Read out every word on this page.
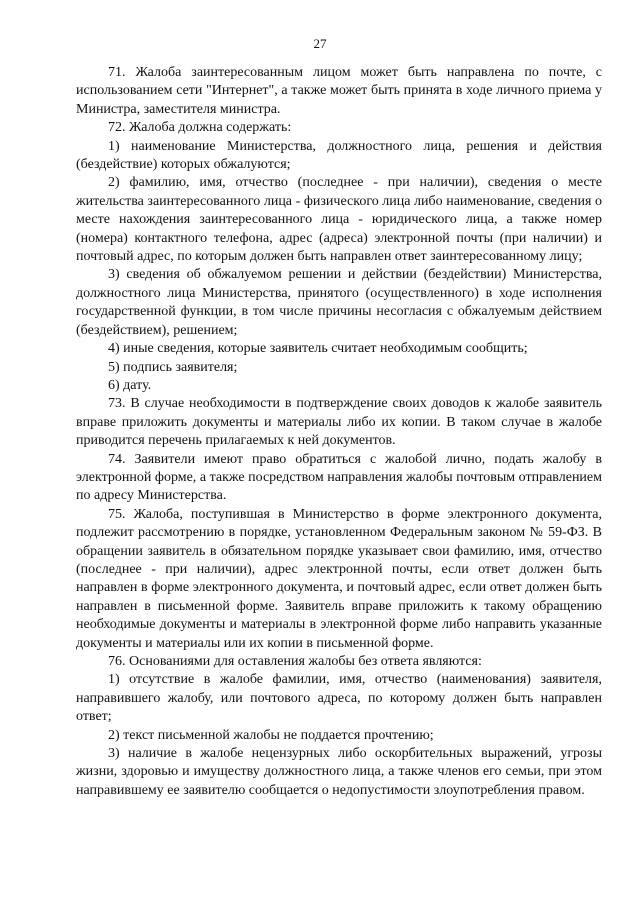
27

71. Жалоба заинтересованным лицом может быть направлена по почте, с использованием сети "Интернет", а также может быть принята в ходе личного приема у Министра, заместителя министра.

72. Жалоба должна содержать:

1) наименование Министерства, должностного лица, решения и действия (бездействие) которых обжалуются;

2) фамилию, имя, отчество (последнее - при наличии), сведения о месте жительства заинтересованного лица - физического лица либо наименование, сведения о месте нахождения заинтересованного лица - юридического лица, а также номер (номера) контактного телефона, адрес (адреса) электронной почты (при наличии) и почтовый адрес, по которым должен быть направлен ответ заинтересованному лицу;

3) сведения об обжалуемом решении и действии (бездействии) Министерства, должностного лица Министерства, принятого (осуществленного) в ходе исполнения государственной функции, в том числе причины несогласия с обжалуемым действием (бездействием), решением;

4) иные сведения, которые заявитель считает необходимым сообщить;

5) подпись заявителя;

6) дату.

73. В случае необходимости в подтверждение своих доводов к жалобе заявитель вправе приложить документы и материалы либо их копии. В таком случае в жалобе приводится перечень прилагаемых к ней документов.

74. Заявители имеют право обратиться с жалобой лично, подать жалобу в электронной форме, а также посредством направления жалобы почтовым отправлением по адресу Министерства.

75. Жалоба, поступившая в Министерство в форме электронного документа, подлежит рассмотрению в порядке, установленном Федеральным законом № 59-ФЗ. В обращении заявитель в обязательном порядке указывает свои фамилию, имя, отчество (последнее - при наличии), адрес электронной почты, если ответ должен быть направлен в форме электронного документа, и почтовый адрес, если ответ должен быть направлен в письменной форме. Заявитель вправе приложить к такому обращению необходимые документы и материалы в электронной форме либо направить указанные документы и материалы или их копии в письменной форме.

76. Основаниями для оставления жалобы без ответа являются:

1) отсутствие в жалобе фамилии, имя, отчество (наименования) заявителя, направившего жалобу, или почтового адреса, по которому должен быть направлен ответ;

2) текст письменной жалобы не поддается прочтению;

3) наличие в жалобе нецензурных либо оскорбительных выражений, угрозы жизни, здоровью и имуществу должностного лица, а также членов его семьи, при этом направившему ее заявителю сообщается о недопустимости злоупотребления правом.
